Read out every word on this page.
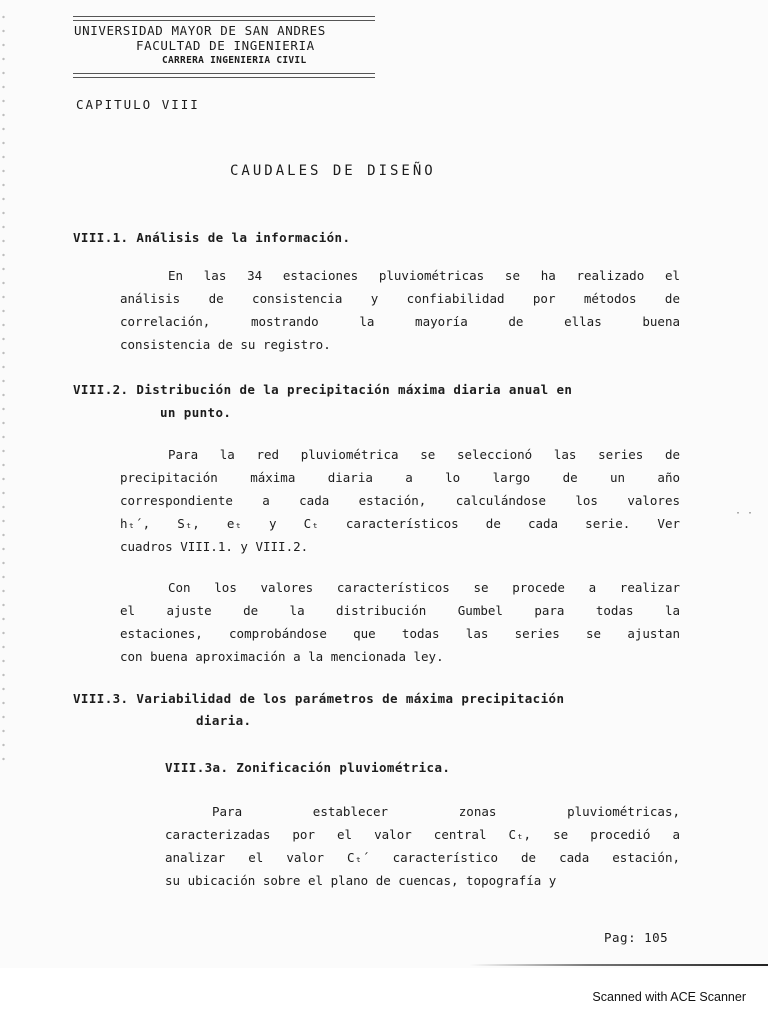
UNIVERSIDAD MAYOR DE SAN ANDRES
FACULTAD DE INGENIERIA
CARRERA INGENIERIA CIVIL
CAPITULO VIII
CAUDALES DE DISEÑO
VIII.1. Análisis de la información.
En las 34 estaciones pluviométricas se ha realizado el
análisis de consistencia y confiabilidad por métodos de
correlación, mostrando la mayoría de ellas buena
consistencia de su registro.
VIII.2. Distribución de la precipitación máxima diaria anual en
un punto.
Para la red pluviométrica se seleccionó las series de
precipitación máxima diaria a lo largo de un año
correspondiente a cada estación, calculándose los valores
hₜ´, Sₜ, eₜ y Cₜ característicos de cada serie. Ver
cuadros VIII.1. y VIII.2.
Con los valores característicos se procede a realizar
el ajuste de la distribución Gumbel para todas la
estaciones, comprobándose que todas las series se ajustan
con buena aproximación a la mencionada ley.
VIII.3. Variabilidad de los parámetros de máxima precipitación
diaria.
VIII.3a. Zonificación pluviométrica.
Para establecer zonas pluviométricas,
caracterizadas por el valor central Cₜ, se procedió a
analizar el valor Cₜ´ característico de cada estación,
su ubicación sobre el plano de cuencas, topografía y
· ·
Pag: 105
Scanned with ACE Scanner
